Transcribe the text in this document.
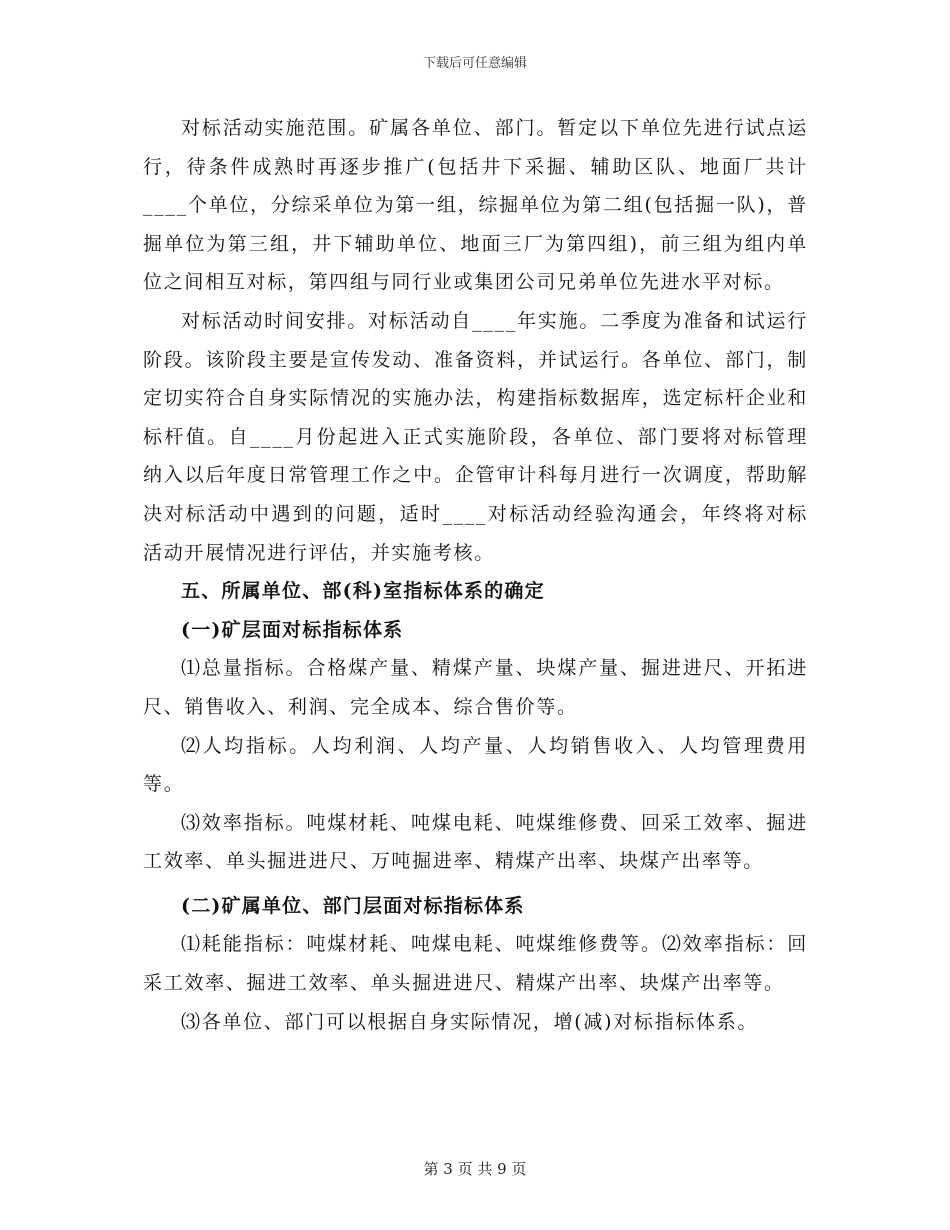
下载后可任意编辑

对标活动实施范围。矿属各单位、部门。暂定以下单位先进行试点运行，待条件成熟时再逐步推广(包括井下采掘、辅助区队、地面厂共计____个单位，分综采单位为第一组，综掘单位为第二组(包括掘一队)，普掘单位为第三组，井下辅助单位、地面三厂为第四组)，前三组为组内单位之间相互对标，第四组与同行业或集团公司兄弟单位先进水平对标。

对标活动时间安排。对标活动自____年实施。二季度为准备和试运行阶段。该阶段主要是宣传发动、准备资料，并试运行。各单位、部门，制定切实符合自身实际情况的实施办法，构建指标数据库，选定标杆企业和标杆值。自____月份起进入正式实施阶段，各单位、部门要将对标管理纳入以后年度日常管理工作之中。企管审计科每月进行一次调度，帮助解决对标活动中遇到的问题，适时____对标活动经验沟通会，年终将对标活动开展情况进行评估，并实施考核。

五、所属单位、部(科)室指标体系的确定

(一)矿层面对标指标体系

⑴总量指标。合格煤产量、精煤产量、块煤产量、掘进进尺、开拓进尺、销售收入、利润、完全成本、综合售价等。

⑵人均指标。人均利润、人均产量、人均销售收入、人均管理费用等。

⑶效率指标。吨煤材耗、吨煤电耗、吨煤维修费、回采工效率、掘进工效率、单头掘进进尺、万吨掘进率、精煤产出率、块煤产出率等。

(二)矿属单位、部门层面对标指标体系

⑴耗能指标：吨煤材耗、吨煤电耗、吨煤维修费等。⑵效率指标：回采工效率、掘进工效率、单头掘进进尺、精煤产出率、块煤产出率等。

⑶各单位、部门可以根据自身实际情况，增(减)对标指标体系。

第 3 页 共 9 页
